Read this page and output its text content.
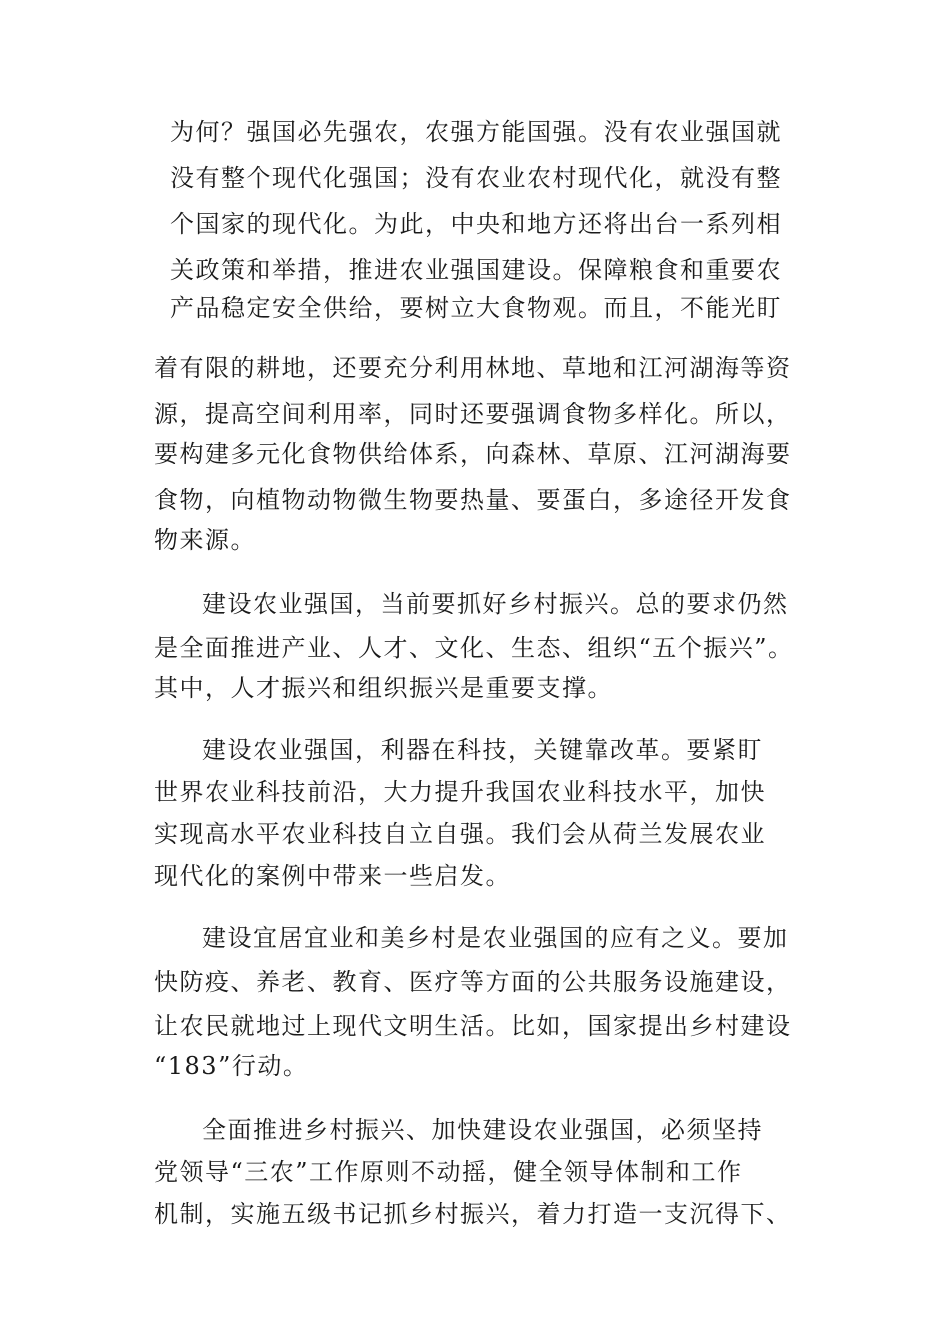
为何？强国必先强农，农强方能国强。没有农业强国就
没有整个现代化强国；没有农业农村现代化，就没有整
个国家的现代化。为此，中央和地方还将出台一系列相
关政策和举措，推进农业强国建设。保障粮食和重要农
产品稳定安全供给，要树立大食物观。而且，不能光盯
着有限的耕地，还要充分利用林地、草地和江河湖海等资
源，提高空间利用率，同时还要强调食物多样化。所以，
要构建多元化食物供给体系，向森林、草原、江河湖海要
食物，向植物动物微生物要热量、要蛋白，多途径开发食
物来源。
建设农业强国，当前要抓好乡村振兴。总的要求仍然
是全面推进产业、人才、文化、生态、组织“五个振兴”。
其中，人才振兴和组织振兴是重要支撑。
建设农业强国，利器在科技，关键靠改革。要紧盯
世界农业科技前沿，大力提升我国农业科技水平，加快
实现高水平农业科技自立自强。我们会从荷兰发展农业
现代化的案例中带来一些启发。
建设宜居宜业和美乡村是农业强国的应有之义。要加
快防疫、养老、教育、医疗等方面的公共服务设施建设，
让农民就地过上现代文明生活。比如，国家提出乡村建设
“183”行动。
全面推进乡村振兴、加快建设农业强国，必须坚持
党领导“三农”工作原则不动摇，健全领导体制和工作
机制，实施五级书记抓乡村振兴，着力打造一支沉得下、
